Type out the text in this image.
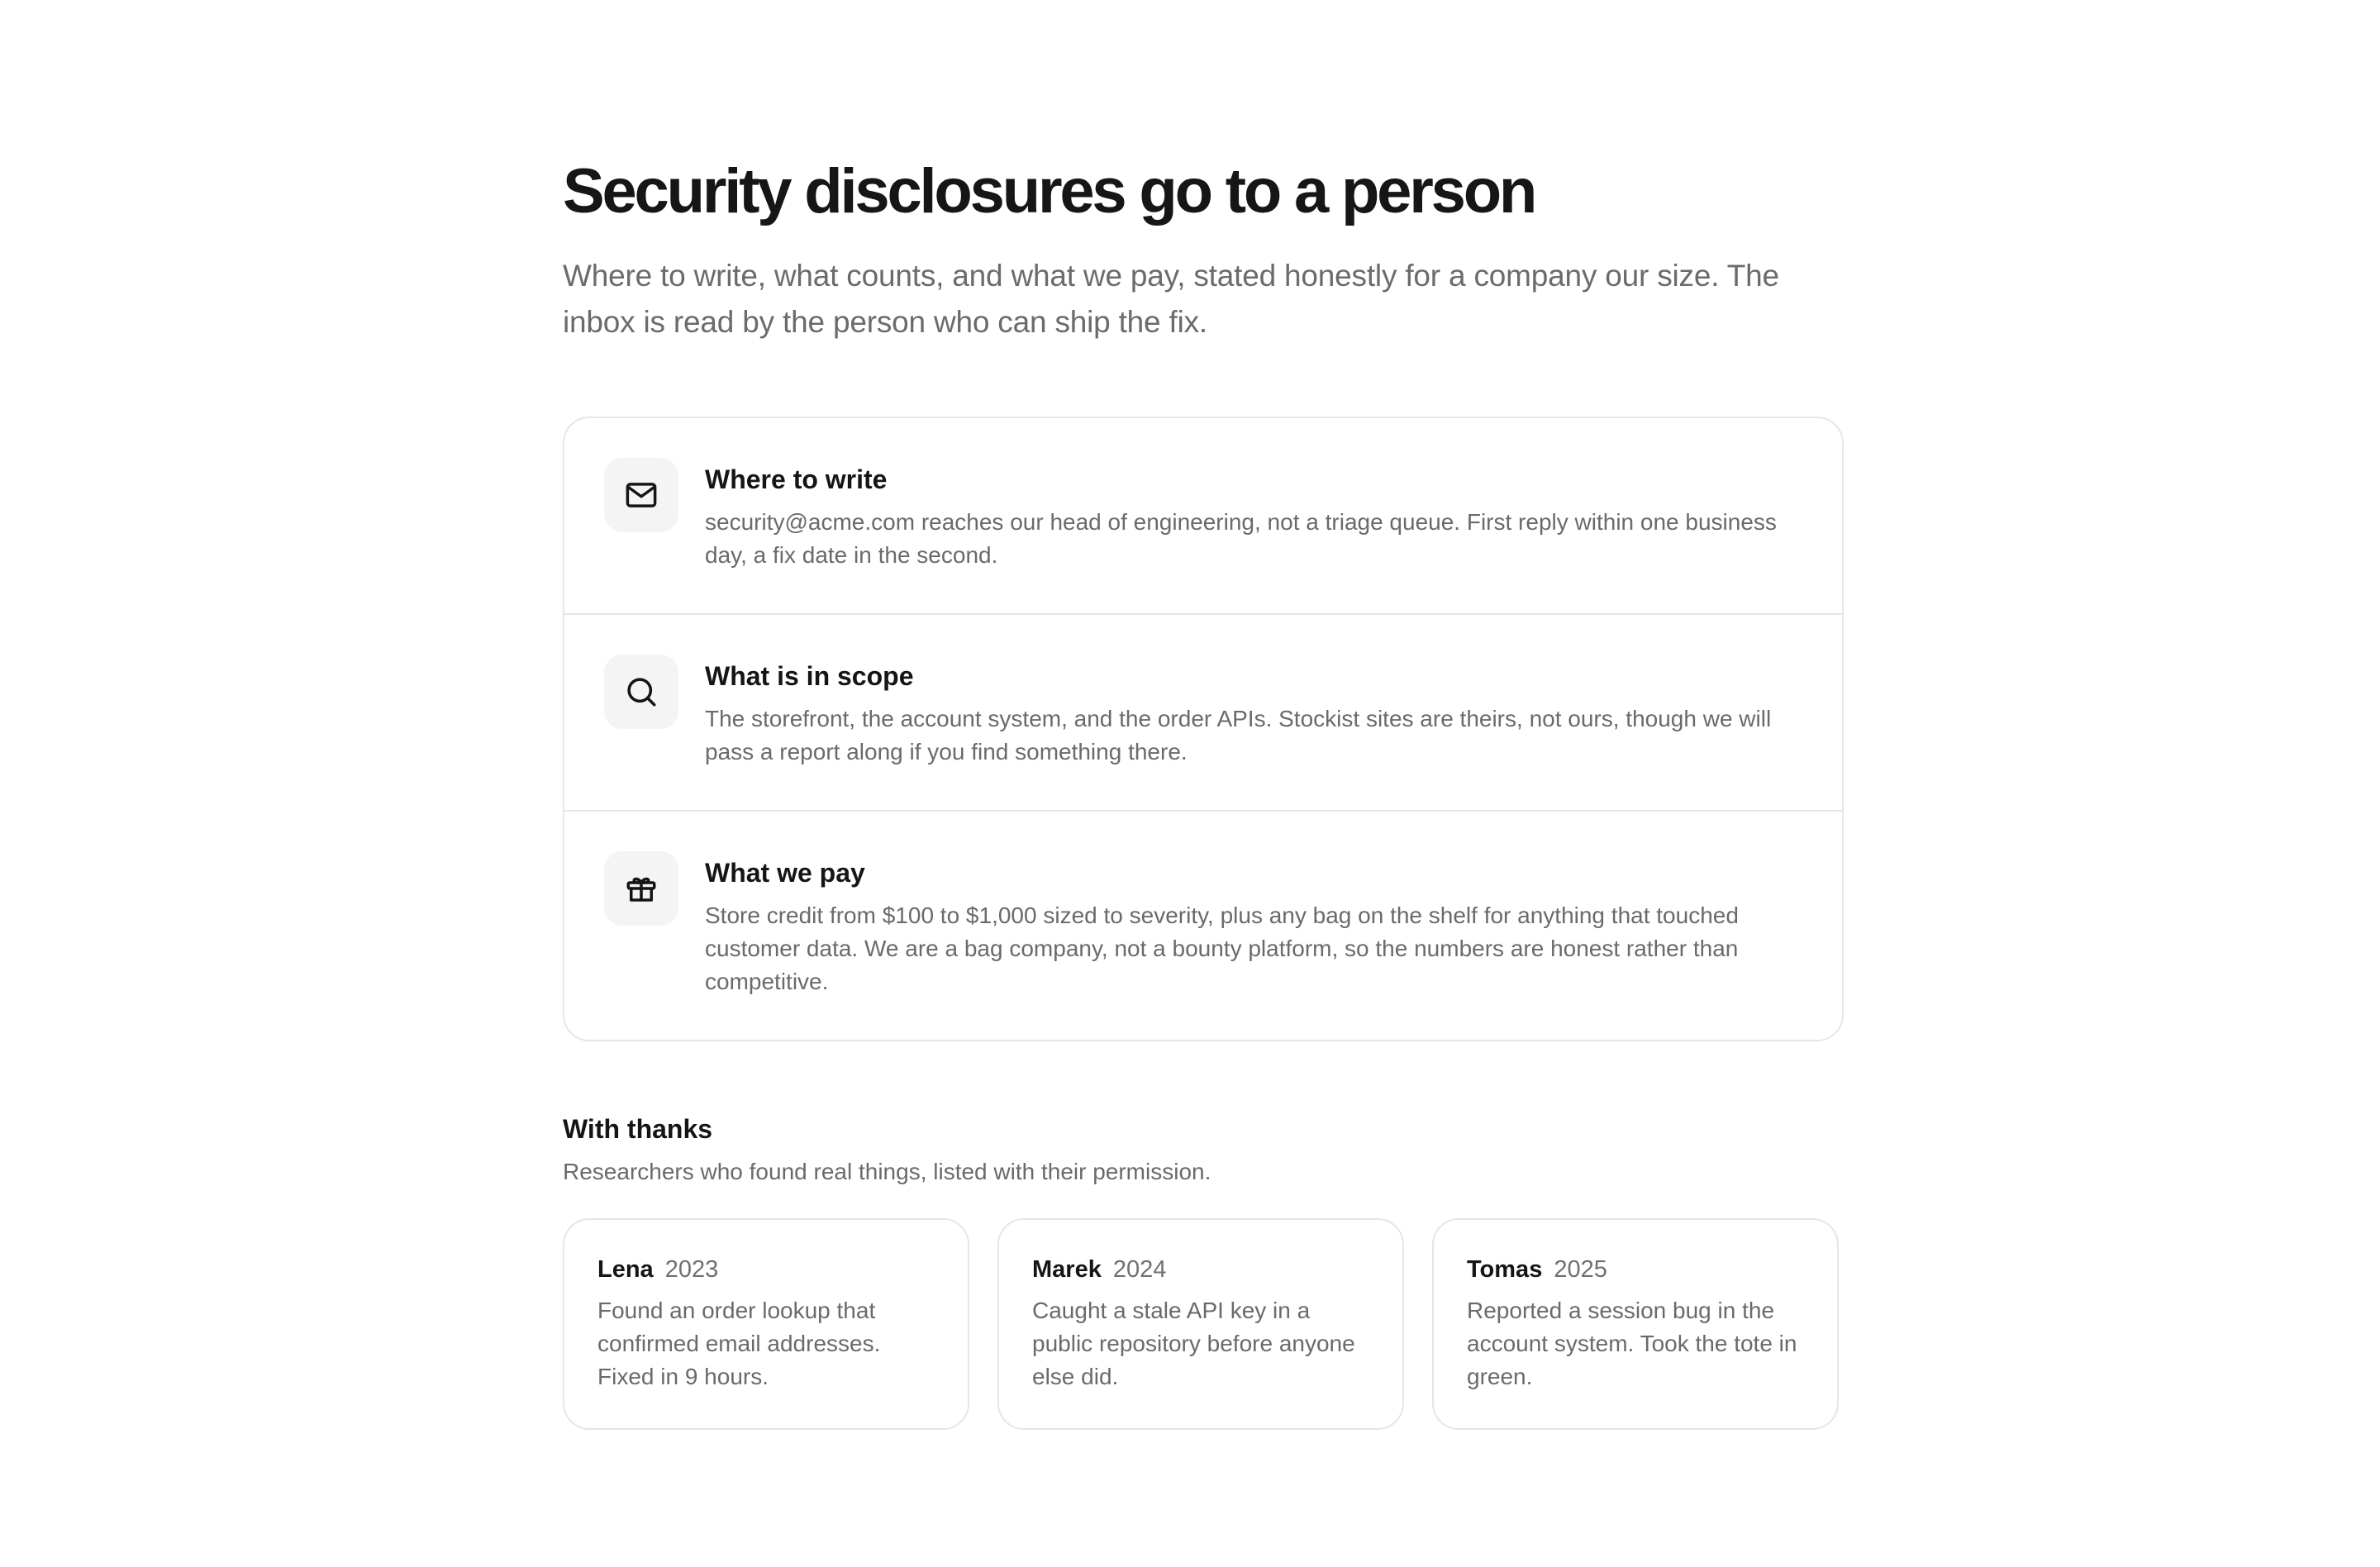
Security disclosures go to a person

Where to write, what counts, and what we pay, stated honestly for a company our size. The inbox is read by the person who can ship the fix.

Where to write

security@acme.com reaches our head of engineering, not a triage queue. First reply within one business day, a fix date in the second.

What is in scope

The storefront, the account system, and the order APIs. Stockist sites are theirs, not ours, though we will pass a report along if you find something there.

What we pay

Store credit from $100 to $1,000 sized to severity, plus any bag on the shelf for anything that touched customer data. We are a bag company, not a bounty platform, so the numbers are honest rather than competitive.

With thanks

Researchers who found real things, listed with their permission.

Lena 2023

Found an order lookup that confirmed email addresses. Fixed in 9 hours.

Marek 2024

Caught a stale API key in a public repository before anyone else did.

Tomas 2025

Reported a session bug in the account system. Took the tote in green.
